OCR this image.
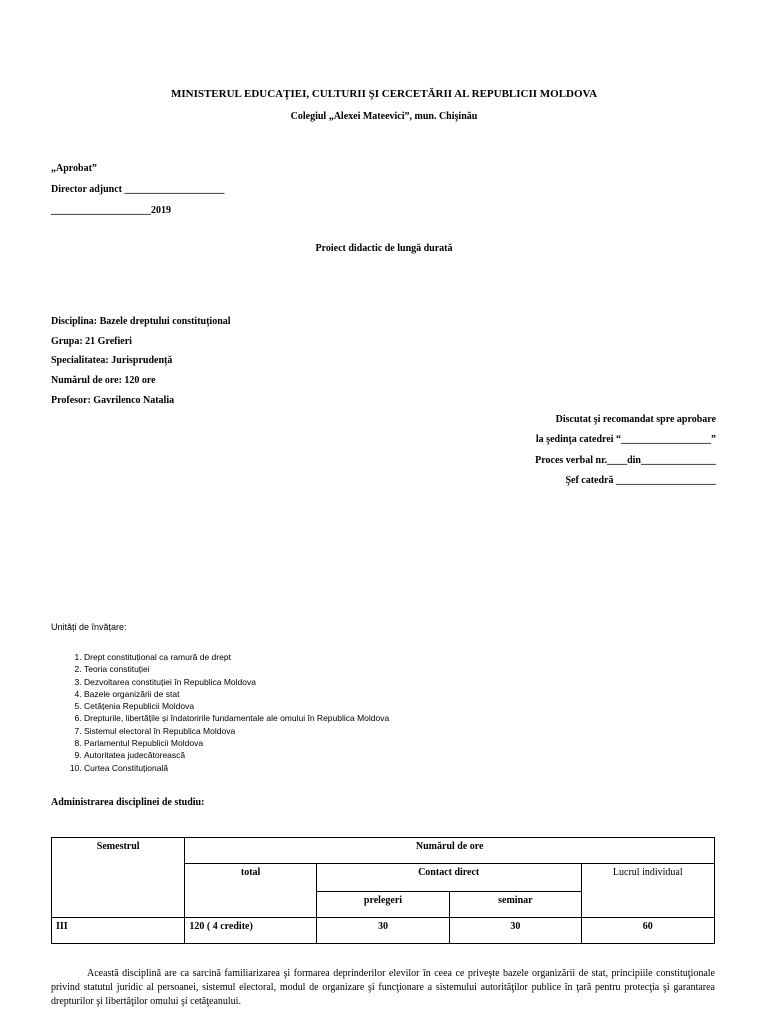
MINISTERUL EDUCAŢIEI, CULTURII ŞI CERCETĂRII AL REPUBLICII MOLDOVA
Colegiul „Alexei Mateevici”, mun. Chişinău
„Aprobat”
Director adjunct ____________________
____________________2019
Proiect didactic de lungă durată
Disciplina: Bazele dreptului constituțional
Grupa: 21 Grefieri
Specialitatea: Jurisprudență
Numărul de ore: 120 ore
Profesor: Gavrilenco Natalia
Discutat şi recomandat spre aprobare
la şedinţa catedrei “__________________”
Proces verbal nr.____din_______________
Şef catedră ____________________
Unități de învățare:
1. Drept constituțional ca ramură de drept
2. Teoria constituției
3. Dezvoltarea constituției în Republica Moldova
4. Bazele organizării de stat
5. Cetățenia Republicii Moldova
6. Drepturile, libertățile și îndatoririle fundamentale ale omului în Republica Moldova
7. Sistemul electoral în Republica Moldova
8. Parlamentul Republicii Moldova
9. Autoritatea judecătorească
10. Curtea Constituțională
Administrarea disciplinei de studiu:
Semestrul	Numărul de ore			
	total	Contact direct		Lucrul individual
		prelegeri	seminar	
III	120 ( 4 credite)	30	30	60
Această disciplină are ca sarcină familiarizarea şi formarea deprinderilor elevilor în ceea ce priveşte bazele organizării de stat, principiile constituţionale privind statutul juridic al persoanei, sistemul electoral, modul de organizare şi funcţionare a sistemului autorităţilor publice în ţară pentru protecţia şi garantarea drepturilor şi libertăţilor omului şi cetăţeanului.
